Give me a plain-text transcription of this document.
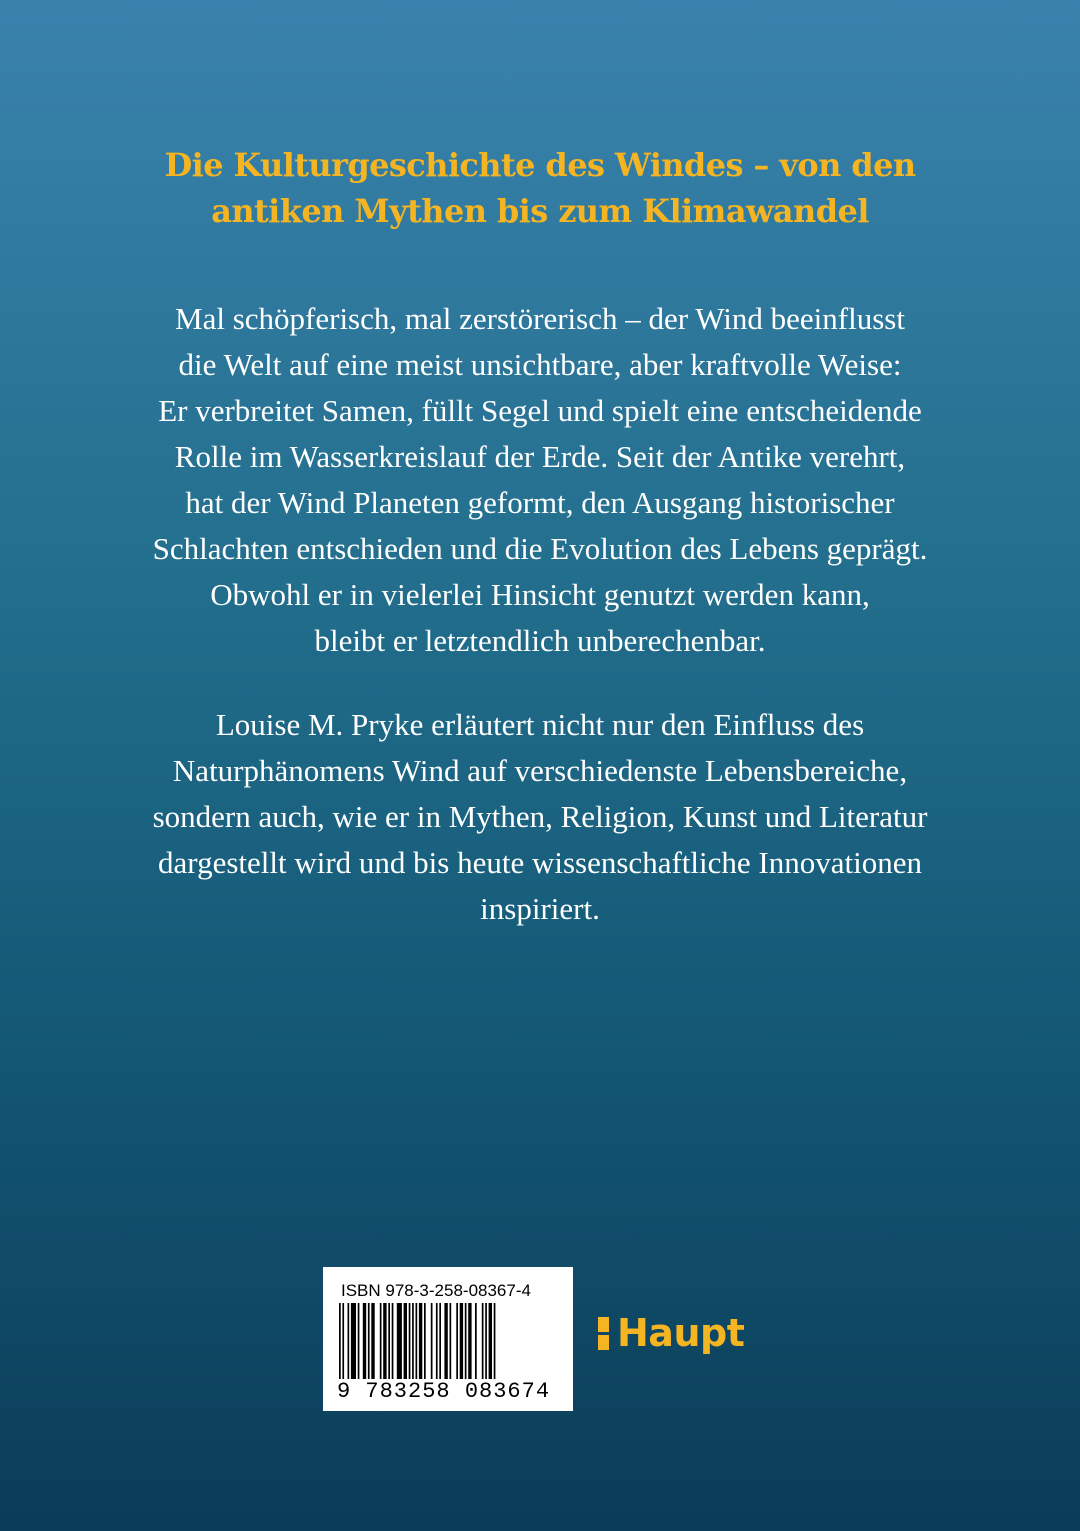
Die Kulturgeschichte des Windes – von den
antiken Mythen bis zum Klimawandel

Mal schöpferisch, mal zerstörerisch – der Wind beeinflusst
die Welt auf eine meist unsichtbare, aber kraftvolle Weise:
Er verbreitet Samen, füllt Segel und spielt eine entscheidende
Rolle im Wasserkreislauf der Erde. Seit der Antike verehrt,
hat der Wind Planeten geformt, den Ausgang historischer
Schlachten entschieden und die Evolution des Lebens geprägt.
Obwohl er in vielerlei Hinsicht genutzt werden kann,
bleibt er letztendlich unberechenbar.

Louise M. Pryke erläutert nicht nur den Einfluss des
Naturphänomens Wind auf verschiedenste Lebensbereiche,
sondern auch, wie er in Mythen, Religion, Kunst und Literatur
dargestellt wird und bis heute wissenschaftliche Innovationen
inspiriert.

ISBN 978-3-258-08367-4
9 783258 083674
Haupt
